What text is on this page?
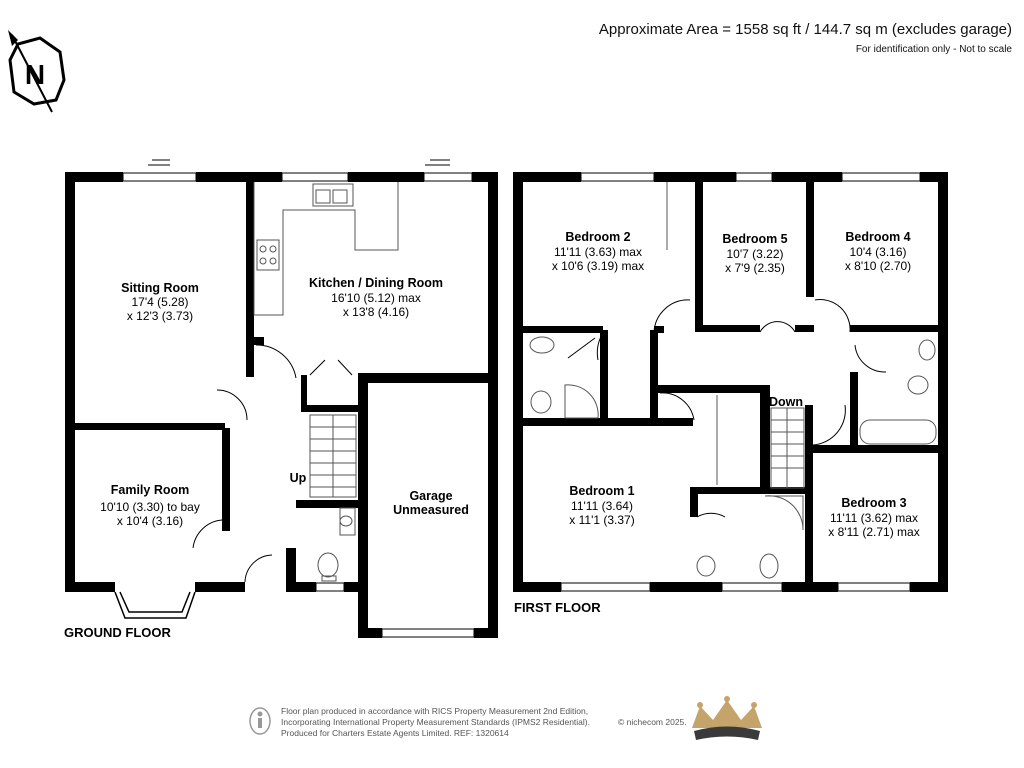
Approximate Area = 1558 sq ft / 144.7 sq m (excludes garage)
For identification only - Not to scale
N
Sitting Room
17'4 (5.28)
x 12'3 (3.73)
Kitchen / Dining Room
16'10 (5.12) max
x 13'8 (4.16)
Family Room
10'10 (3.30) to bay
x 10'4 (3.16)
Garage
Unmeasured
Up
GROUND FLOOR
Bedroom 2
11'11 (3.63) max
x 10'6 (3.19) max
Bedroom 5
10'7 (3.22)
x 7'9 (2.35)
Bedroom 4
10'4 (3.16)
x 8'10 (2.70)
Bedroom 1
11'11 (3.64)
x 11'1 (3.37)
Bedroom 3
11'11 (3.62) max
x 8'11 (2.71) max
Down
FIRST FLOOR
Floor plan produced in accordance with RICS Property Measurement 2nd Edition,
Incorporating International Property Measurement Standards (IPMS2 Residential).
Produced for Charters Estate Agents Limited. REF: 1320614
© nichecom 2025.
